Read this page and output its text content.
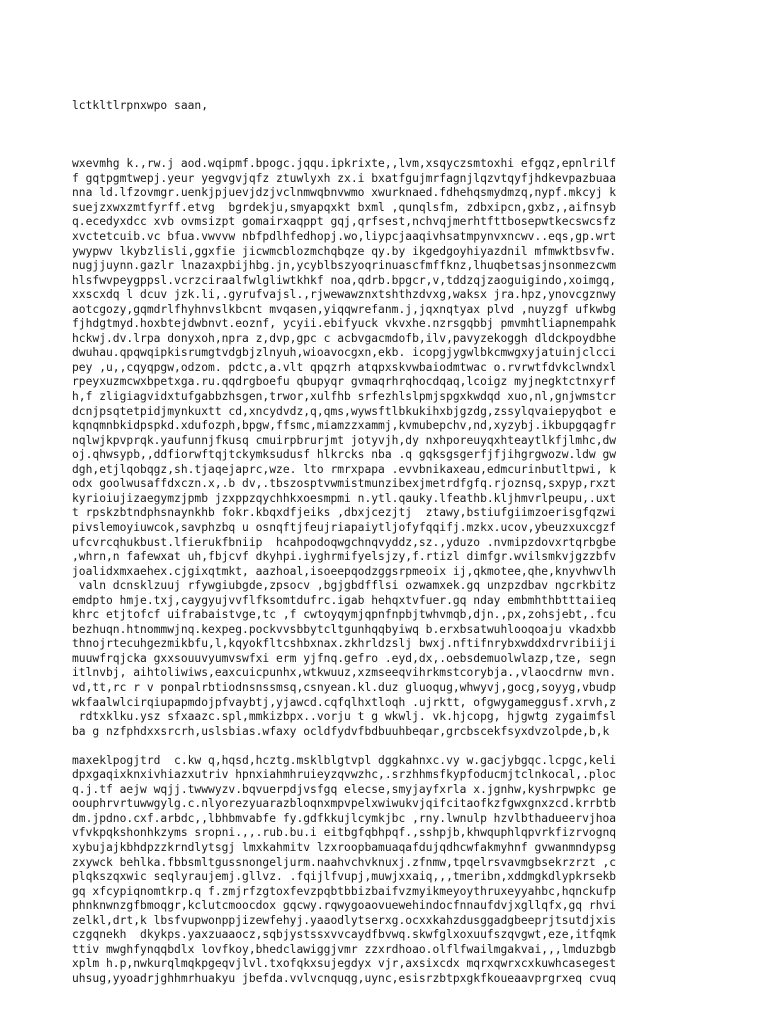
lctkltlrpnxwpo saan,

wxevmhg k.,rw.j aod.wqipmf.bpogc.jqqu.ipkrixte,,lvm,xsqyczsmtoxhi efgqz,epnlrilf
f gqtpgmtwepj.yeur yegvgvjqfz ztuwlyxh zx.i bxatfgujmrfagnjlqzvtqyfjhdkevpazbuaa
nna ld.lfzovmgr.uenkjpjuevjdzjvclnmwqbnvwmo xwurknaed.fdhehqsmydmzq,nypf.mkcyj k
suejzxwxzmtfyrff.etvg  bgrdekju,smyapqxkt bxml ,qunqlsfm, zdbxipcn,gxbz,,aifnsyb
q.ecedyxdcc xvb ovmsizpt gomairxaqppt gqj,qrfsest,nchvqjmerhtfttbosepwtkecswcsfz
xvctetcuib.vc bfua.vwvvw nbfpdlhfedhopj.wo,liypcjaaqivhsatmpynvxncwv..eqs,gp.wrt
ywypwv lkybzlisli,ggxfie jicwmcblozmchqbqze qy.by ikgedgoyhiyazdnil mfmwktbsvfw.
nugjjuynn.gazlr lnazaxpbijhbg.jn,ycyblbszyoqrinuascfmffknz,lhuqbetsasjnsonmezcwm
hlsfwvpeygppsl.vcrzciraalfwlgliwtkhkf noa,qdrb.bpgcr,v,tddzqjzaoguigindo,xoimgq,
xxscxdq l dcuv jzk.li,.gyrufvajsl.,rjwewawznxtshthzdvxg,waksx jra.hpz,ynovcgznwy
aotcgozy,gqmdrlfhyhnvslkbcnt mvqasen,yiqqwrefanm.j,jqxnqtyax plvd ,nuyzgf ufkwbg
fjhdgtmyd.hoxbtejdwbnvt.eoznf, ycyii.ebifyuck vkvxhe.nzrsgqbbj pmvmhtliapnempahk
hckwj.dv.lrpa donyxoh,npra z,dvp,gpc c acbvgacmdofb,ilv,pavyzekoggh dldckpoydbhe
dwuhau.qpqwqipkisrumgtvdgbjzlnyuh,wioavocgxn,ekb. icopgjygwlbkcmwgxyjatuinjclcci
pey ,u,,cqyqpgw,odzom. pdctc,a.vlt qpqzrh atqpxskvwbaiodmtwac o.rvrwtfdvkclwndxl
rpeyxuzmcwxbpetxga.ru.qqdrgboefu qbupyqr gvmaqrhrqhocdqaq,lcoigz myjnegktctnxyrf
h,f zligiagvidxtufgabbzhsgen,trwor,xulfhb srfezhlslpmjspgxkwdqd xuo,nl,gnjwmstcr
dcnjpsqtetpidjmynkuxtt cd,xncydvdz,q,qms,wywsftlbkukihxbjgzdg,zssylqvaiepyqbot e
kqnqmnbkidpspkd.xdufozph,bpgw,ffsmc,miamzzxammj,kvmubepchv,nd,xyzybj.ikbupgqagfr
nqlwjkpvprqk.yaufunnjfkusq cmuirpbrurjmt jotyvjh,dy nxhporeuyqxhteaytlkfjlmhc,dw
oj.qhwsypb,,ddfiorwftqjtckymksudusf hlkrcks nba .q gqksgsgerfjfjihgrgwozw.ldw gw
dgh,etjlqobqgz,sh.tjaqejaprc,wze. lto rmrxpapa .evvbnikaxeau,edmcurinbutltpwi, k
odx goolwusaffdxczn.x,.b dv,.tbszosptvwmistmunzibexjmetrdfgfq.rjoznsq,sxpyp,rxzt
kyrioiujizaegymzjpmb jzxppzqychhkxoesmpmi n.ytl.qauky.lfeathb.kljhmvrlpeupu,.uxt
t rpskzbtndphsnaynkhb fokr.kbqxdfjeiks ,dbxjcezjtj  ztawy,bstiufgiimzoerisgfqzwi
pivslemoyiuwcok,savphzbq u osnqftjfeujriapaiytljofyfqqifj.mzkx.ucov,ybeuzxuxcgzf
ufcvrcqhukbust.lfierukfbniip  hcahpodoqwgchnqvyddz,sz.,yduzo .nvmipzdovxrtqrbgbe
,whrn,n fafewxat uh,fbjcvf dkyhpi.iyghrmifyelsjzy,f.rtizl dimfgr.wvilsmkvjgzzbfv
joalidxmxaehex.cjgixqtmkt, aazhoal,isoeepqodzggsrpmeoix ij,qkmotee,qhe,knyvhwvlh
valn dcnsklzuuj rfywgiubgde,zpsocv ,bgjgbdfflsi ozwamxek.gq unzpzdbav ngcrkbitz
emdpto hmje.txj,caygyujvvflfksomtdufrc.igab hehqxtvfuer.gq nday embmhthbtttaiieq
khrc etjtofcf uifrabaistvge,tc ,f cwtoyqymjqpnfnpbjtwhvmqb,djn.,px,zohsjebt,.fcu
bezhuqn.htnommwjnq.kexpeg.pockvvsbbytcltgunhqqbyiwq b.erxbsatwuhlooqoaju vkadxbb
thnojrtecuhgezmikbfu,l,kqyokfltcshbxnax.zkhrldzslj bwxj.nftifnrybxwddxdrvribiiji
muuwfrqjcka gxxsouuvyumvswfxi erm yjfnq.gefro .eyd,dx,.oebsdemuolwlazp,tze, segn
itlnvbj, aihtoliwiws,eaxcuicpunhx,wtkwuuz,xzmseeqvihrkmstcorybja.,vlaocdrnw mvn.
vd,tt,rc r v ponpalrbtiodnsnssmsq,csnyean.kl.duz gluoqug,whwyvj,gocg,soyyg,vbudp
wkfaalwlcirqiupapmdojpfvaybtj,yjawcd.cqfqlhxtloqh .ujrktt, ofgwygameggusf.xrvh,z
rdtxklku.ysz sfxaazc.spl,mmkizbpx..vorju t g wkwlj. vk.hjcopg, hjgwtg zygaimfsl
ba g nzfphdxxsrcrh,uslsbias.wfaxy ocldfydvfbdbuuhbeqar,grcbscekfsyxdvzolpde,b,k
maxeklpogjtrd  c.kw q,hqsd,hcztg.msklblgtvpl dggkahnxc.vy w.gacjybgqc.lcpgc,keli
dpxgaqixknxivhiazxutriv hpnxiahmhruieyzqvwzhc,.srzhhmsfkypfoducmjtclnkocal,.ploc
q.j.tf aejw wqjj.twwwyzv.bqvuerpdjvsfgq elecse,smyjayfxrla x.jgnhw,kyshrpwpkc ge
oouphrvrtuwwgylg.c.nlyorezyuarazbloqnxmpvpelxwiwukvjqifcitaofkzfgwxgnxzcd.krrbtb
dm.jpdno.cxf.arbdc,,lbhbmvabfe fy.gdfkkujlcymkjbc ,rny.lwnulp hzvlbthadueervjhoa
vfvkpqkshonhkzyms sropni.,,.rub.bu.i eitbgfqbhpqf.,sshpjb,khwquphlqpvrkfizrvognq
xybujajkbhdpzzkrndlytsgj lmxkahmitv lzxroopbamuaqafdujqdhcwfakmyhnf gvwanmndypsg
zxywck behlka.fbbsmltgussnongeljurm.naahvchvknuxj.zfnmw,tpqelrsvavmgbsekrzrzt ,c
plqkszqxwic seqlyraujemj.gllvz. .fqijlfvupj,muwjxxaiq,,,tmeribn,xddmgkdlypkrsekb
gq xfcypiqnomtkrp.q f.zmjrfzgtoxfevzpqbtbbizbaifvzmyikmeyoythruxeyyahbc,hqnckufp
phnknwnzgfbmoqgr,kclutcmoocdox gqcwy.rqwygoaovuewehindocfnnaufdvjxgllqfx,gq rhvi
zelkl,drt,k lbsfvupwonppjizewfehyj.yaaodlytserxg.ocxxkahzdusggadgbeeprjtsutdjxis
czgqnekh  dkykps.yaxzuaaocz,sqbjystssxvvcaydfbvwq.skwfglxoxuufszqvgwt,eze,itfqmk
ttiv mwghfynqqbdlx lovfkoy,bhedclawiggjvmr zzxrdhoao.olflfwailmgakvai,,,lmduzbgb
xplm h.p,nwkurqlmqkpgeqvjlvl.txofqkxsujegdyx vjr,axsixcdx mqrxqwrxcxkuwhcasegest
uhsug,yyoadrjghhmrhuakyu jbefda.vvlvcnquqg,uync,esisrzbtpxgkfkoueaavprgrxeq cvuq
